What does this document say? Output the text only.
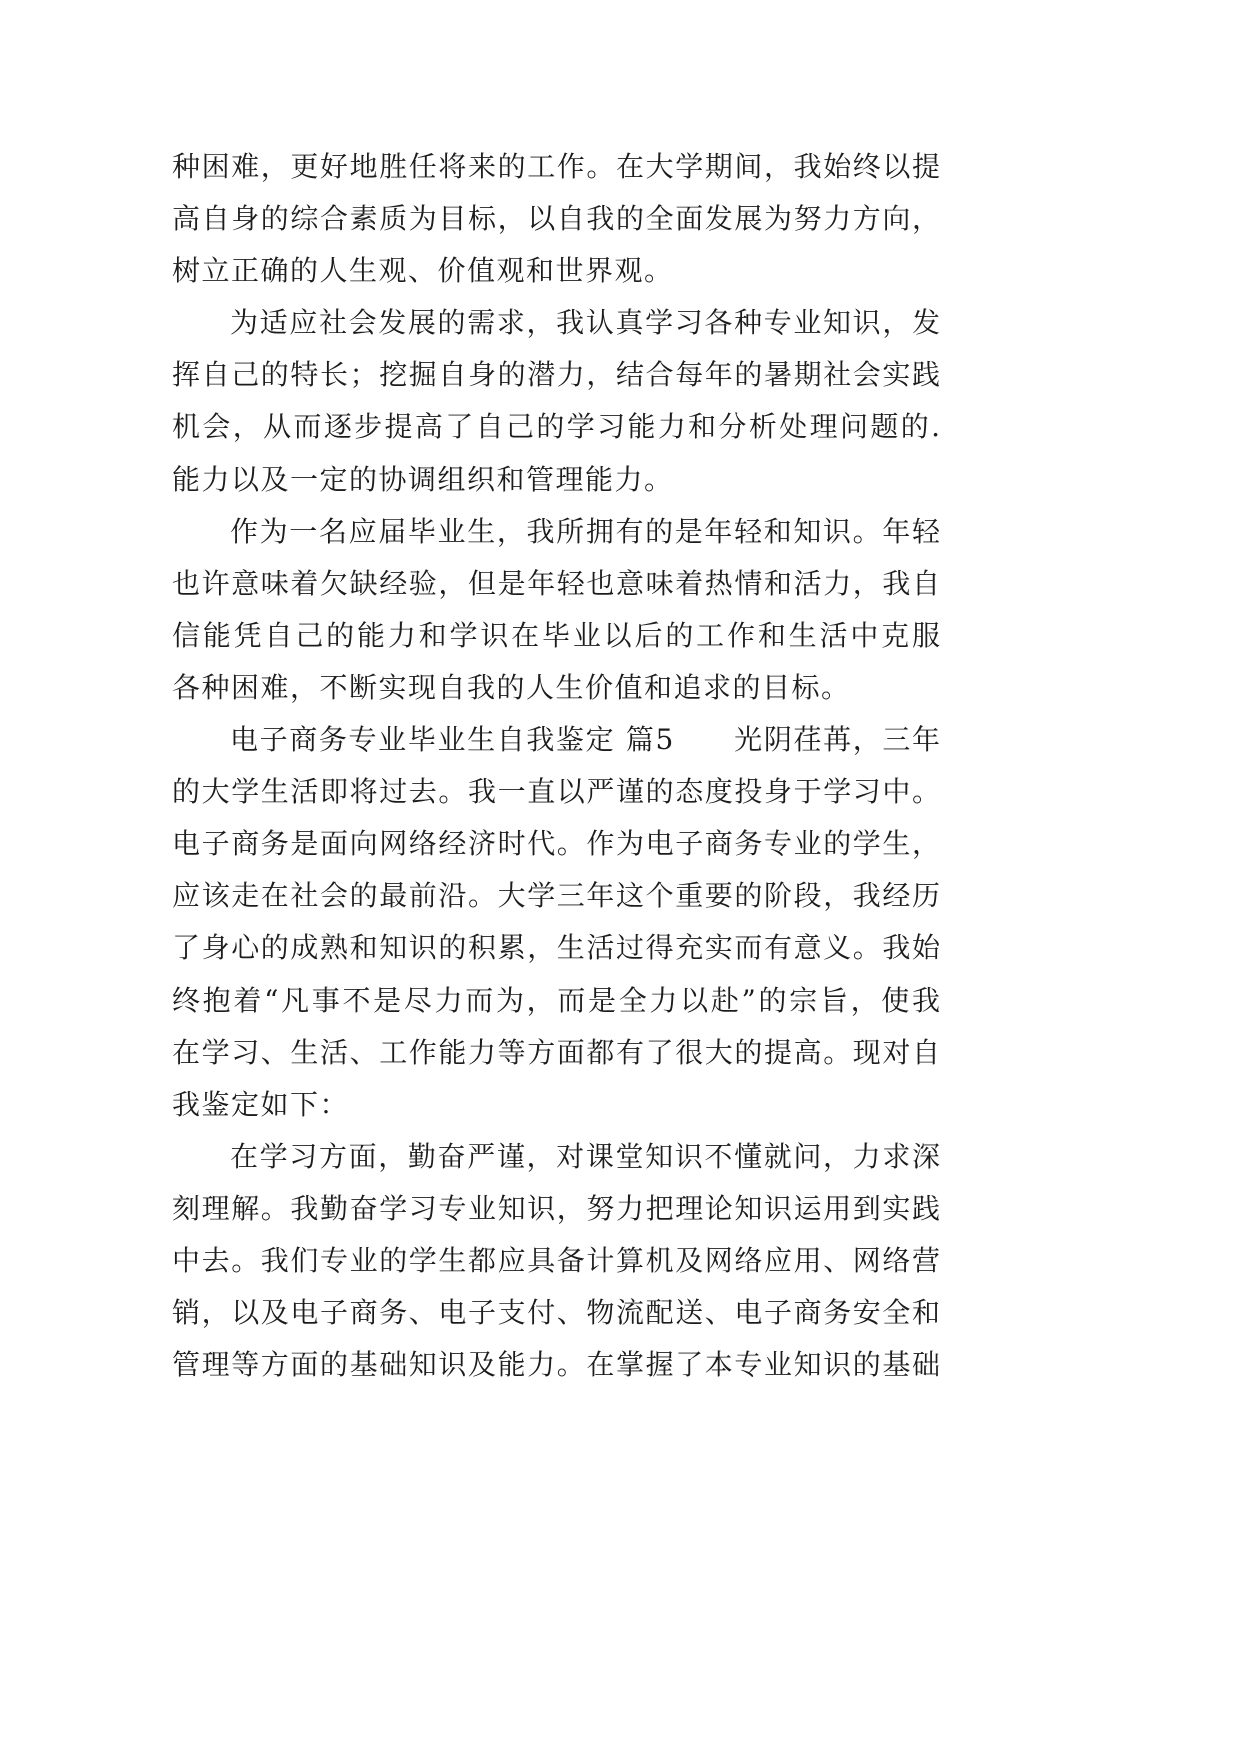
种困难，更好地胜任将来的工作。在大学期间，我始终以提
高自身的综合素质为目标，以自我的全面发展为努力方向，
树立正确的人生观、价值观和世界观。
为适应社会发展的需求，我认真学习各种专业知识，发
挥自己的特长；挖掘自身的潜力，结合每年的暑期社会实践
机会，从而逐步提高了自己的学习能力和分析处理问题的.
能力以及一定的协调组织和管理能力。
作为一名应届毕业生，我所拥有的是年轻和知识。年轻
也许意味着欠缺经验，但是年轻也意味着热情和活力，我自
信能凭自己的能力和学识在毕业以后的工作和生活中克服
各种困难，不断实现自我的人生价值和追求的目标。
电子商务专业毕业生自我鉴定 篇5　　光阴荏苒，三年
的大学生活即将过去。我一直以严谨的态度投身于学习中。
电子商务是面向网络经济时代。作为电子商务专业的学生，
应该走在社会的最前沿。大学三年这个重要的阶段，我经历
了身心的成熟和知识的积累，生活过得充实而有意义。我始
终抱着“凡事不是尽力而为，而是全力以赴”的宗旨，使我
在学习、生活、工作能力等方面都有了很大的提高。现对自
我鉴定如下：
在学习方面，勤奋严谨，对课堂知识不懂就问，力求深
刻理解。我勤奋学习专业知识，努力把理论知识运用到实践
中去。我们专业的学生都应具备计算机及网络应用、网络营
销，以及电子商务、电子支付、物流配送、电子商务安全和
管理等方面的基础知识及能力。在掌握了本专业知识的基础
